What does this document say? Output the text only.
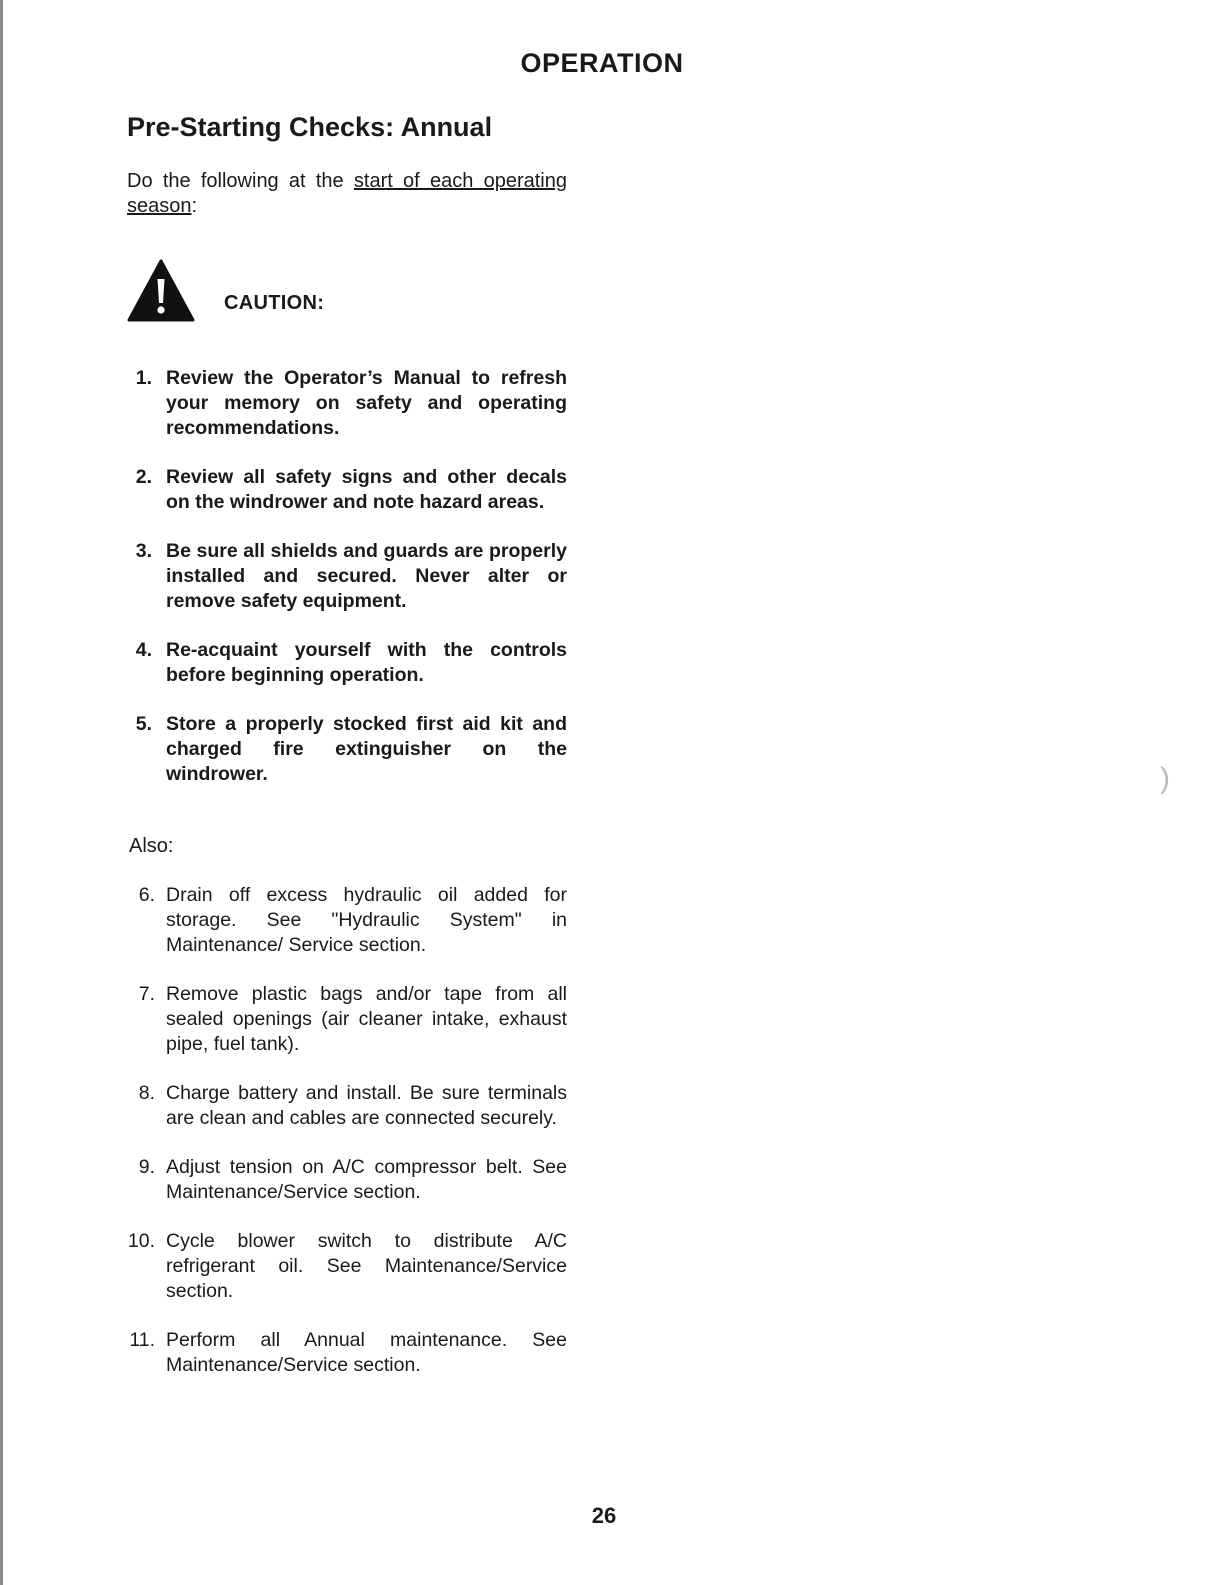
OPERATION
Pre-Starting Checks: Annual
Do the following at the start of each operating season:
CAUTION:
1. Review the Operator’s Manual to refresh your memory on safety and operating recommendations.
2. Review all safety signs and other decals on the windrower and note hazard areas.
3. Be sure all shields and guards are properly installed and secured. Never alter or remove safety equipment.
4. Re-acquaint yourself with the controls before beginning operation.
5. Store a properly stocked first aid kit and charged fire extinguisher on the windrower.
Also:
6. Drain off excess hydraulic oil added for storage. See "Hydraulic System" in Maintenance/ Service section.
7. Remove plastic bags and/or tape from all sealed openings (air cleaner intake, exhaust pipe, fuel tank).
8. Charge battery and install. Be sure terminals are clean and cables are connected securely.
9. Adjust tension on A/C compressor belt. See Maintenance/Service section.
10. Cycle blower switch to distribute A/C refrigerant oil. See Maintenance/Service section.
11. Perform all Annual maintenance. See Maintenance/Service section.
26
)
